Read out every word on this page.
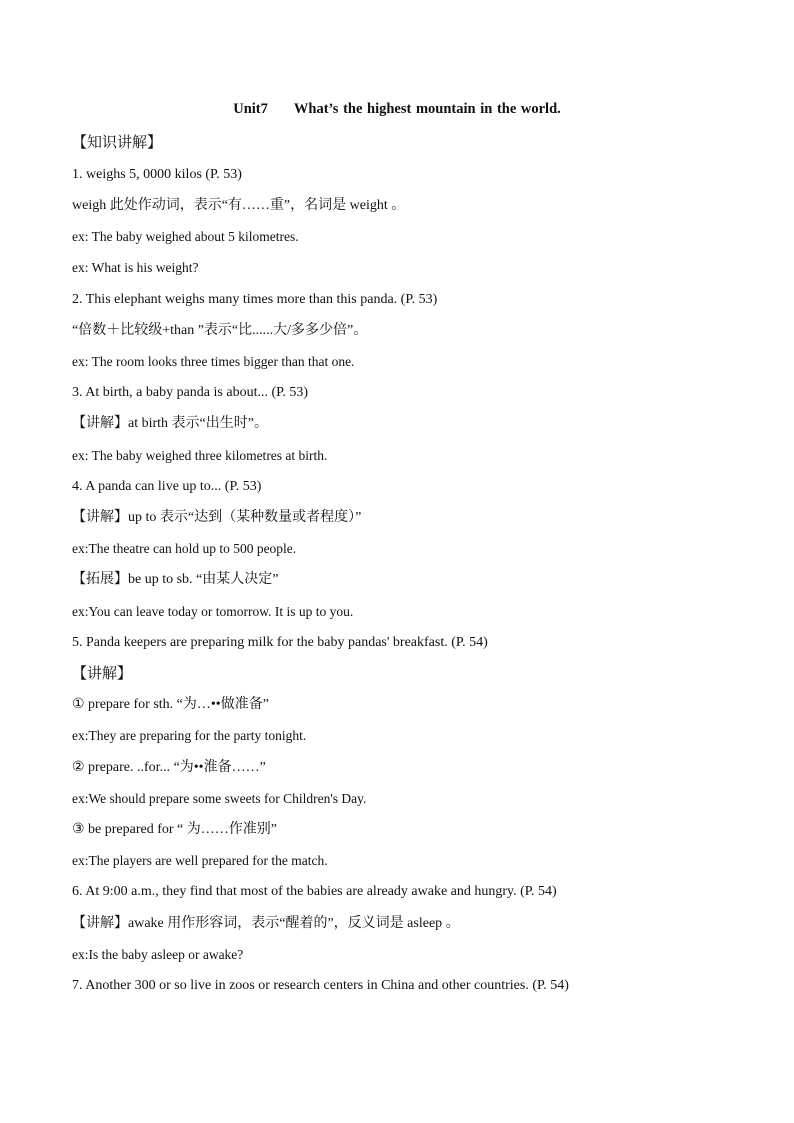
Unit7 What’s the highest mountain in the world.
【知识讲解】
1. weighs 5, 0000 kilos (P. 53)
weigh 此处作动词，表示“有……重”，名词是 weight 。
ex: The baby weighed about 5 kilometres.
ex: What is his weight?
2. This elephant weighs many times more than this panda. (P. 53)
“倍数＋比较级+than ”表示“比......大/多多少倍”。
ex: The room looks three times bigger than that one.
3. At birth, a baby panda is about... (P. 53)
【讲解】at birth 表示“出生时”。
ex: The baby weighed three kilometres at birth.
4. A panda can live up to... (P. 53)
【讲解】up to 表示“达到（某种数量或者程度）”
ex:The theatre can hold up to 500 people.
【拓展】be up to sb. “由某人决定”
ex:You can leave today or tomorrow. It is up to you.
5. Panda keepers are preparing milk for the baby pandas' breakfast. (P. 54)
【讲解】
① prepare for sth. “为…••做准备”
ex:They are preparing for the party tonight.
② prepare. ..for... “为••淮备……”
ex:We should prepare some sweets for Children's Day.
③ be prepared for “ 为……作准别”
ex:The players are well prepared for the match.
6. At 9:00 a.m., they find that most of the babies are already awake and hungry. (P. 54)
【讲解】awake 用作形容词，表示“醒着的”，反义词是 asleep 。
ex:Is the baby asleep or awake?
7. Another 300 or so live in zoos or research centers in China and other countries. (P. 54)
